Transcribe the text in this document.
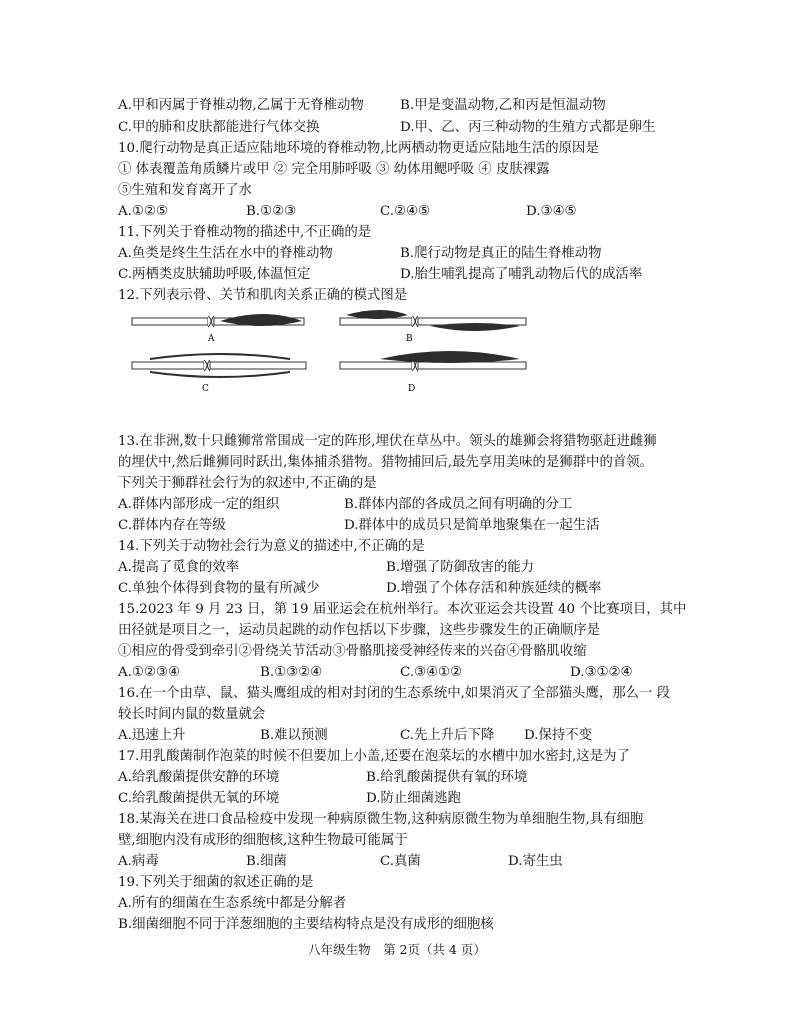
A.甲和丙属于脊椎动物,乙属于无脊椎动物	B.甲是变温动物,乙和丙是恒温动物
C.甲的肺和皮肤都能进行气体交换	D.甲、乙、丙三种动物的生殖方式都是卵生
10.爬行动物是真正适应陆地环境的脊椎动物,比两栖动物更适应陆地生活的原因是
① 体表覆盖角质鳞片或甲 ② 完全用肺呼吸 ③ 幼体用鳃呼吸 ④ 皮肤裸露
⑤生殖和发育离开了水
A.①②⑤	B.①②③	C.②④⑤	D.③④⑤
11.下列关于脊椎动物的描述中,不正确的是
A.鱼类是终生生活在水中的脊椎动物	B.爬行动物是真正的陆生脊椎动物
C.两栖类皮肤辅助呼吸,体温恒定	D.胎生哺乳提高了哺乳动物后代的成活率
12.下列表示骨、关节和肌肉关系正确的模式图是
A	B
C	D
13.在非洲,数十只雌狮常常围成一定的阵形,埋伏在草丛中。领头的雄狮会将猎物驱赶进雌狮
的埋伏中,然后雌狮同时跃出,集体捕杀猎物。猎物捕回后,最先享用美味的是狮群中的首领。
下列关于狮群社会行为的叙述中,不正确的是
A.群体内部形成一定的组织	B.群体内部的各成员之间有明确的分工
C.群体内存在等级	D.群体中的成员只是简单地聚集在一起生活
14.下列关于动物社会行为意义的描述中,不正确的是
A.提高了觅食的效率	B.增强了防御敌害的能力
C.单独个体得到食物的量有所减少	D.增强了个体存活和种族延续的概率
15.2023 年 9 月 23 日，第 19 届亚运会在杭州举行。本次亚运会共设置 40 个比赛项目，其中
田径就是项目之一，运动员起跳的动作包括以下步骤，这些步骤发生的正确顺序是
①相应的骨受到牵引②骨绕关节活动③骨骼肌接受神经传来的兴奋④骨骼肌收缩
A.①②③④	B.①③②④	C.③④①②	D.③①②④
16.在一个由草、鼠、猫头鹰组成的相对封闭的生态系统中,如果消灭了全部猫头鹰，那么一 段
较长时间内鼠的数量就会
A.迅速上升	B.难以预测	C.先上升后下降 D.保持不变
17.用乳酸菌制作泡菜的时候不但要加上小盖,还要在泡菜坛的水槽中加水密封,这是为了
A.给乳酸菌提供安静的环境	B.给乳酸菌提供有氧的环境
C.给乳酸菌提供无氧的环境	D.防止细菌逃跑
18.某海关在进口食品检疫中发现一种病原微生物,这种病原微生物为单细胞生物,具有细胞
壁,细胞内没有成形的细胞核,这种生物最可能属于
A.病毒	B.细菌	C.真菌	D.寄生虫
19.下列关于细菌的叙述正确的是
A.所有的细菌在生态系统中都是分解者
B.细菌细胞不同于洋葱细胞的主要结构特点是没有成形的细胞核
八年级生物　第 2页（共 4 页）
